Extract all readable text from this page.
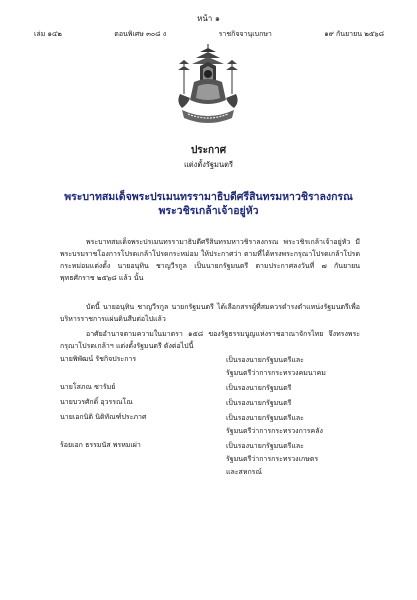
หน้า ๑
เล่ม ๑๔๒	ตอนพิเศษ ๓๐๘ ง	ราชกิจจานุเบกษา	๑๙ กันยายน ๒๕๖๘
ประกาศ
แต่งตั้งรัฐมนตรี
พระบาทสมเด็จพระปรเมนทรรามาธิบดีศรีสินทรมหาวชิราลงกรณ
พระวชิรเกล้าเจ้าอยู่หัว
พระบาทสมเด็จพระปรเมนทรรามาธิบดีศรีสินทรมหาวชิราลงกรณ พระวชิรเกล้าเจ้าอยู่หัว มีพระบรมราชโองการโปรดเกล้าโปรดกระหม่อม ให้ประกาศว่า ตามที่ได้ทรงพระกรุณาโปรดเกล้าโปรดกระหม่อมแต่งตั้ง นายอนุทิน ชาญวีรกูล เป็นนายกรัฐมนตรี ตามประกาศลงวันที่ ๗ กันยายน พุทธศักราช ๒๕๖๘ แล้ว นั้น
บัดนี้ นายอนุทิน ชาญวีรกูล นายกรัฐมนตรี ได้เลือกสรรผู้ที่สมควรดำรงตำแหน่งรัฐมนตรีเพื่อบริหารราชการแผ่นดินสืบต่อไปแล้ว
อาศัยอำนาจตามความในมาตรา ๑๕๘ ของรัฐธรรมนูญแห่งราชอาณาจักรไทย จึงทรงพระกรุณาโปรดเกล้าฯ แต่งตั้งรัฐมนตรี ดังต่อไปนี้
นายพิพัฒน์ รัชกิจประการ	เป็นรองนายกรัฐมนตรีและ
รัฐมนตรีว่าการกระทรวงคมนาคม
นายโสภณ ซารัมย์	เป็นรองนายกรัฐมนตรี
นายบวรศักดิ์ อุวรรณโณ	เป็นรองนายกรัฐมนตรี
นายเอกนิติ นิติทัณฑ์ประภาศ	เป็นรองนายกรัฐมนตรีและ
รัฐมนตรีว่าการกระทรวงการคลัง
ร้อยเอก ธรรมนัส พรหมเผ่า	เป็นรองนายกรัฐมนตรีและ
รัฐมนตรีว่าการกระทรวงเกษตร
และสหกรณ์
